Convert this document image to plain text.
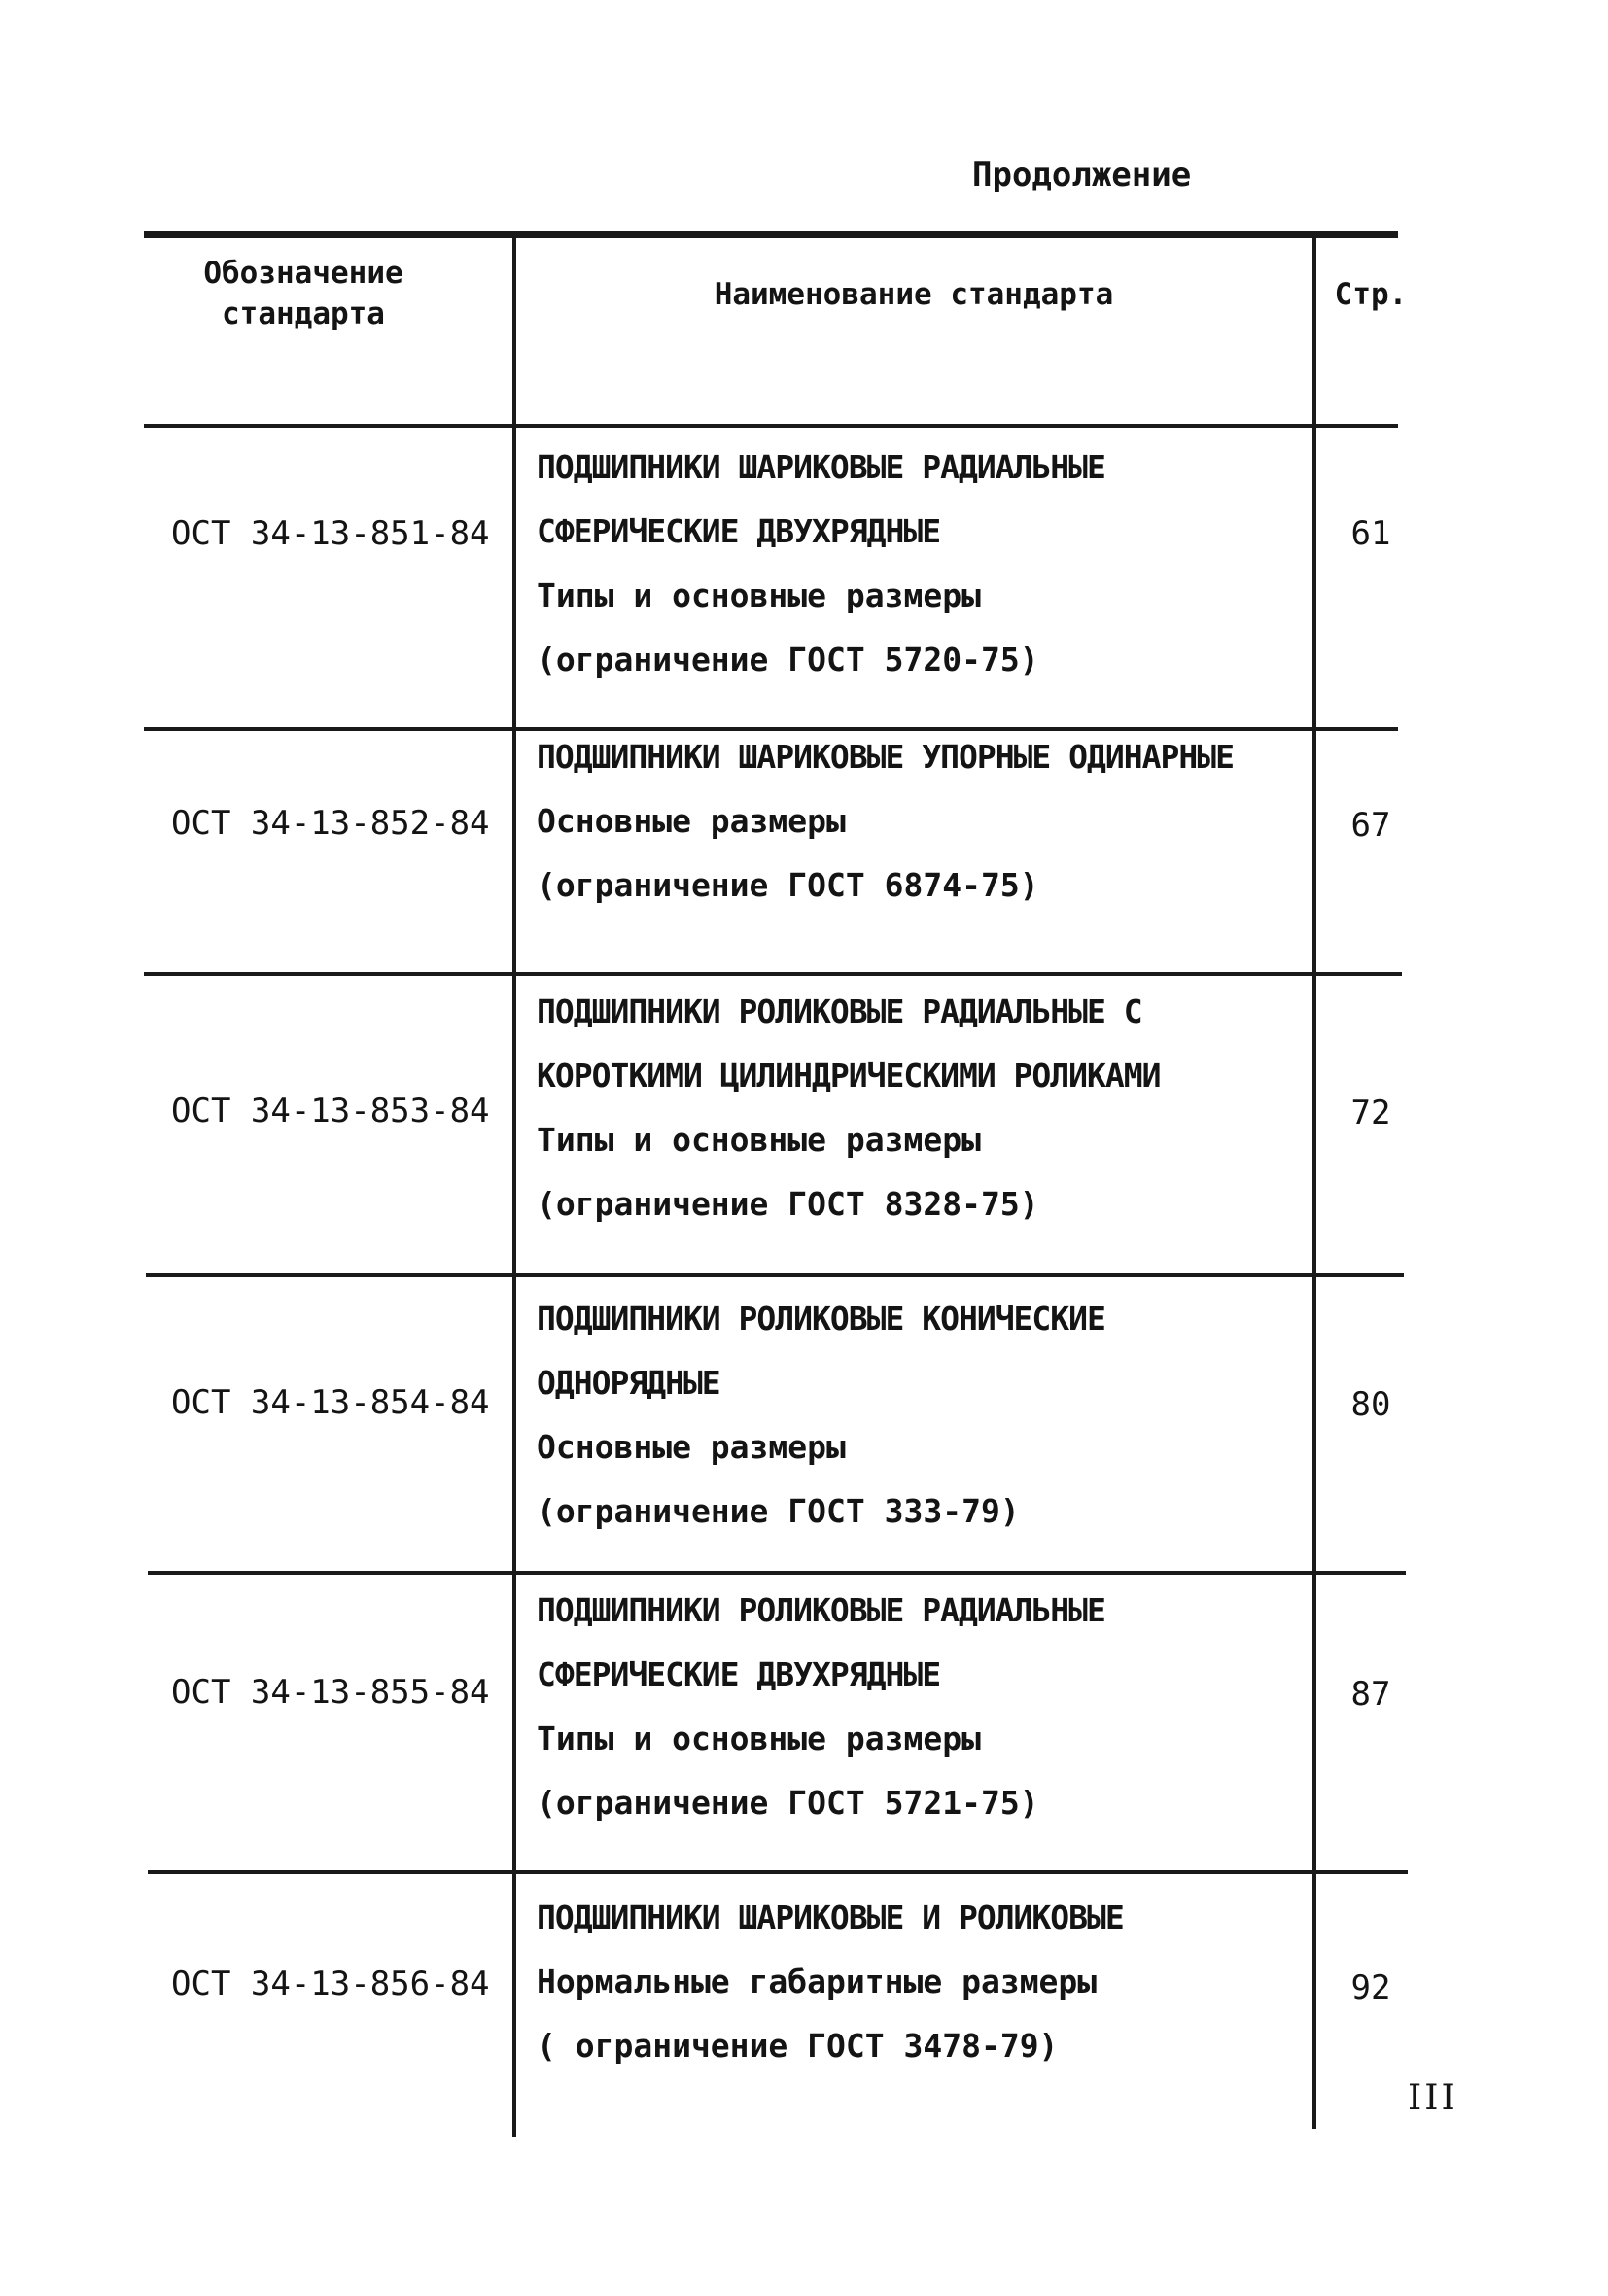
Продолжение
Обозначение
стандарта
Наименование стандарта	Стр.
ОСТ 34-13-851-84
ПОДШИПНИКИ ШАРИКОВЫЕ РАДИАЛЬНЫЕ
СФЕРИЧЕСКИЕ ДВУХРЯДНЫЕ
Типы и основные размеры
(ограничение ГОСТ 5720-75)
61
ОСТ 34-13-852-84
ПОДШИПНИКИ ШАРИКОВЫЕ УПОРНЫЕ ОДИНАРНЫЕ
Основные размеры
(ограничение ГОСТ 6874-75)
67
ОСТ 34-13-853-84
ПОДШИПНИКИ РОЛИКОВЫЕ РАДИАЛЬНЫЕ С
КОРОТКИМИ ЦИЛИНДРИЧЕСКИМИ РОЛИКАМИ
Типы и основные размеры
(ограничение ГОСТ 8328-75)
72
ОСТ 34-13-854-84
ПОДШИПНИКИ РОЛИКОВЫЕ КОНИЧЕСКИЕ
ОДНОРЯДНЫЕ
Основные размеры
(ограничение ГОСТ 333-79)
80
ОСТ 34-13-855-84
ПОДШИПНИКИ РОЛИКОВЫЕ РАДИАЛЬНЫЕ
СФЕРИЧЕСКИЕ ДВУХРЯДНЫЕ
Типы и основные размеры
(ограничение ГОСТ 5721-75)
87
ОСТ 34-13-856-84
ПОДШИПНИКИ ШАРИКОВЫЕ И РОЛИКОВЫЕ
Нормальные габаритные размеры
( ограничение ГОСТ 3478-79)
92
III
